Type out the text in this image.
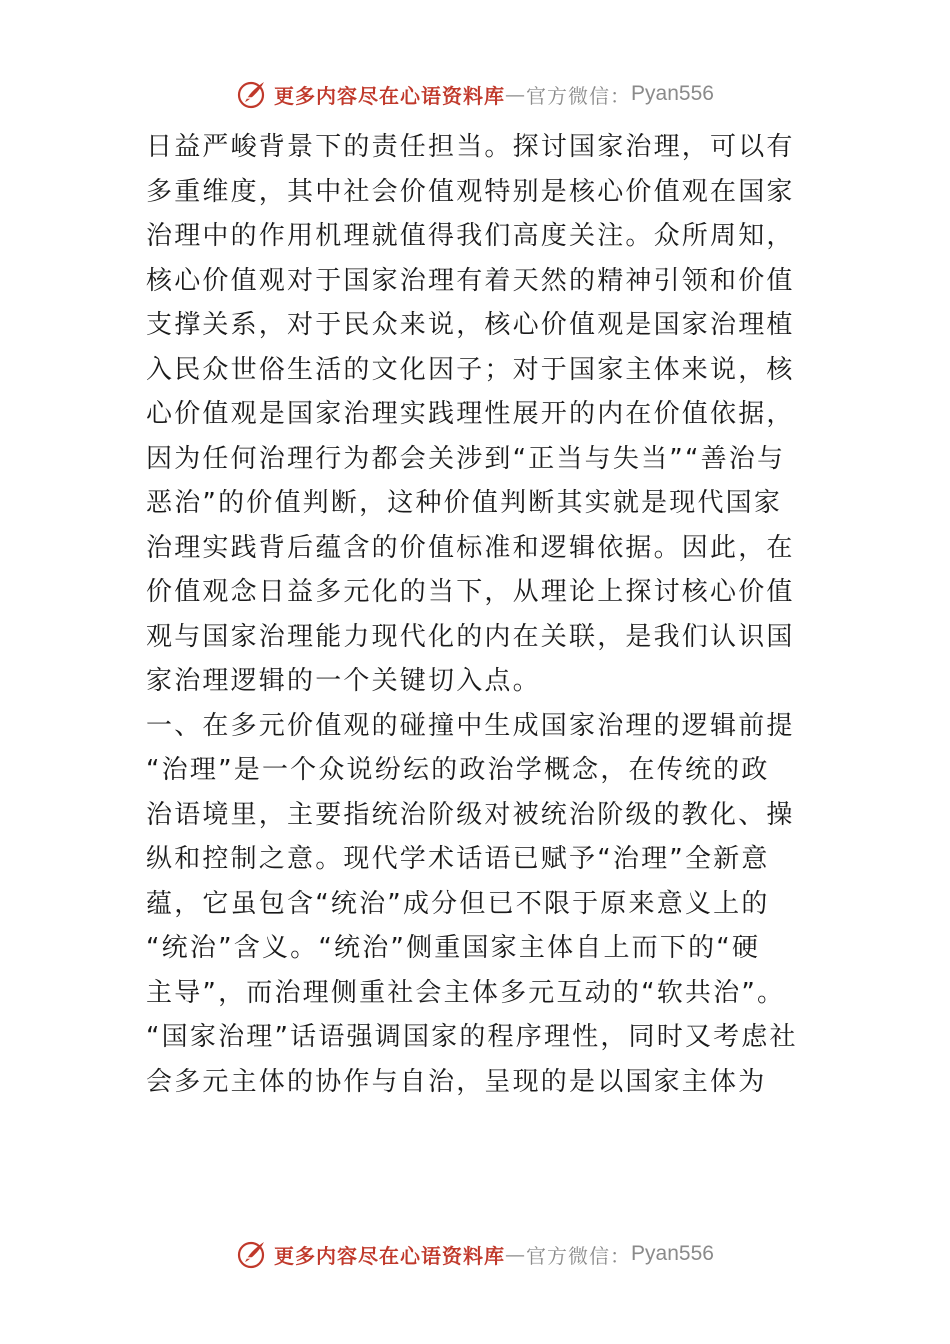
更多内容尽在心语资料库 — 官方微信： Pyan556
日益严峻背景下的责任担当。探讨国家治理，可以有
多重维度，其中社会价值观特别是核心价值观在国家
治理中的作用机理就值得我们高度关注。众所周知，
核心价值观对于国家治理有着天然的精神引领和价值
支撑关系，对于民众来说，核心价值观是国家治理植
入民众世俗生活的文化因子；对于国家主体来说，核
心价值观是国家治理实践理性展开的内在价值依据，
因为任何治理行为都会关涉到“正当与失当”“善治与
恶治”的价值判断，这种价值判断其实就是现代国家
治理实践背后蕴含的价值标准和逻辑依据。因此，在
价值观念日益多元化的当下，从理论上探讨核心价值
观与国家治理能力现代化的内在关联，是我们认识国
家治理逻辑的一个关键切入点。
一、在多元价值观的碰撞中生成国家治理的逻辑前提
“治理”是一个众说纷纭的政治学概念，在传统的政
治语境里，主要指统治阶级对被统治阶级的教化、操
纵和控制之意。现代学术话语已赋予“治理”全新意
蕴，它虽包含“统治”成分但已不限于原来意义上的
“统治”含义。“统治”侧重国家主体自上而下的“硬
主导”，而治理侧重社会主体多元互动的“软共治”。
“国家治理”话语强调国家的程序理性，同时又考虑社
会多元主体的协作与自治，呈现的是以国家主体为
更多内容尽在心语资料库 — 官方微信： Pyan556
